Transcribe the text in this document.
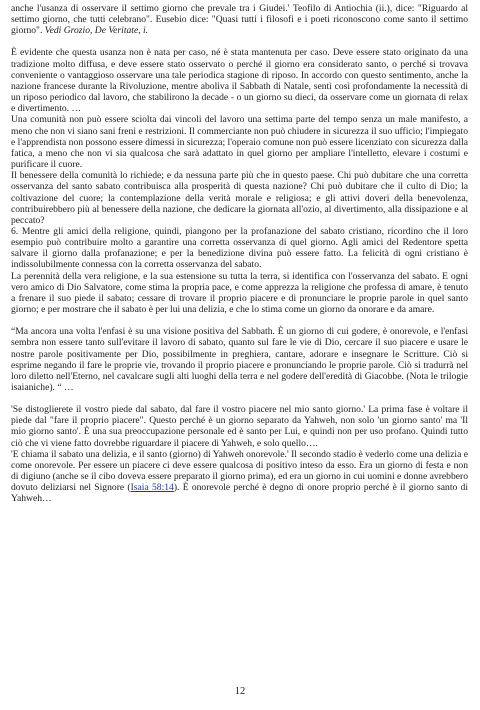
anche l'usanza di osservare il settimo giorno che prevale tra i Giudei.' Teofilo di Antiochia (ii.), dice: "Riguardo al settimo giorno, che tutti celebrano". Eusebio dice: "Quasi tutti i filosofi e i poeti riconoscono come santo il settimo giorno". Vedi Grozio, De Veritate, i.

È evidente che questa usanza non è nata per caso, né è stata mantenuta per caso. Deve essere stato originato da una tradizione molto diffusa, e deve essere stato osservato o perché il giorno era considerato santo, o perché si trovava conveniente o vantaggioso osservare una tale periodica stagione di riposo. In accordo con questo sentimento, anche la nazione francese durante la Rivoluzione, mentre aboliva il Sabbath di Natale, sentì così profondamente la necessità di un riposo periodico dal lavoro, che stabilirono la decade - o un giorno su dieci, da osservare come un giornata di relax e divertimento. …

Una comunità non può essere sciolta dai vincoli del lavoro una settima parte del tempo senza un male manifesto, a meno che non vi siano sani freni e restrizioni. Il commerciante non può chiudere in sicurezza il suo ufficio; l'impiegato e l'apprendista non possono essere dimessi in sicurezza; l'operaio comune non può essere licenziato con sicurezza dalla fatica, a meno che non vi sia qualcosa che sarà adattato in quel giorno per ampliare l'intelletto, elevare i costumi e purificare il cuore.

Il benessere della comunità lo richiede; e da nessuna parte più che in questo paese. Chi può dubitare che una corretta osservanza del santo sabato contribuisca alla prosperità di questa nazione? Chi può dubitare che il culto di Dio; la coltivazione del cuore; la contemplazione della verità morale e religiosa; e gli attivi doveri della benevolenza, contribuirebbero più al benessere della nazione, che dedicare la giornata all'ozio, al divertimento, alla dissipazione e al peccato?

6. Mentre gli amici della religione, quindi, piangono per la profanazione del sabato cristiano, ricordino che il loro esempio può contribuire molto a garantire una corretta osservanza di quel giorno. Agli amici del Redentore spetta salvare il giorno dalla profanazione; e per la benedizione divina può essere fatto. La felicità di ogni cristiano è indissolubilmente connessa con la corretta osservanza del sabato.

La perennità della vera religione, e la sua estensione su tutta la terra, si identifica con l'osservanza del sabato. E ogni vero amico di Dio Salvatore, come stima la propria pace, e come apprezza la religione che professa di amare, è tenuto a frenare il suo piede il sabato; cessare di trovare il proprio piacere e di pronunciare le proprie parole in quel santo giorno; e per mostrare che il sabato è per lui una delizia, e che lo stima come un giorno da onorare e da amare.

“Ma ancora una volta l'enfasi è su una visione positiva del Sabbath. È un giorno di cui godere, è onorevole, e l'enfasi sembra non essere tanto sull'evitare il lavoro di sabato, quanto sul fare le vie di Dio, cercare il suo piacere e usare le nostre parole positivamente per Dio, possibilmente in preghiera, cantare, adorare e insegnare le Scritture. Ciò si esprime negando il fare le proprie vie, trovando il proprio piacere e pronunciando le proprie parole. Ciò si tradurrà nel loro diletto nell'Eterno, nel cavalcare sugli alti luoghi della terra e nel godere dell'eredità di Giacobbe. (Nota le trilogie isaianiche). “ …

'Se distoglierete il vostro piede dal sabato, dal fare il vostro piacere nel mio santo giorno.' La prima fase è voltare il piede dal "fare il proprio piacere". Questo perché è un giorno separato da Yahweh, non solo 'un giorno santo' ma 'Il mio giorno santo'. È una sua preoccupazione personale ed è santo per Lui, e quindi non per uso profano. Quindi tutto ciò che vi viene fatto dovrebbe riguardare il piacere di Yahweh, e solo quello….

'E chiama il sabato una delizia, e il santo (giorno) di Yahweh onorevole.' Il secondo stadio è vederlo come una delizia e come onorevole. Per essere un piacere ci deve essere qualcosa di positivo inteso da esso. Era un giorno di festa e non di digiuno (anche se il cibo doveva essere preparato il giorno prima), ed era un giorno in cui uomini e donne avrebbero dovuto deliziarsi nel Signore (Isaia 58:14). È onorevole perché è degno di onore proprio perché è il giorno santo di Yahweh…

12
